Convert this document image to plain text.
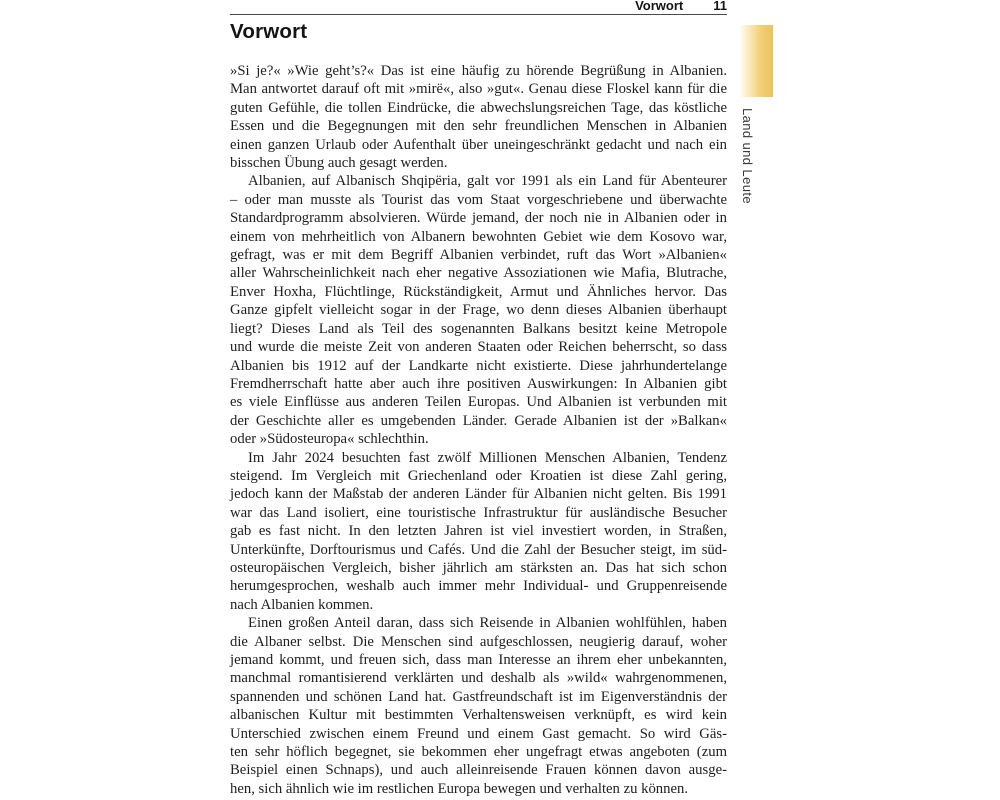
Vorwort 11
Vorwort
»Si je?« »Wie geht’s?« Das ist eine häufig zu hörende Begrüßung in Albanien.
Man antwortet darauf oft mit »mirë«, also »gut«. Genau diese Floskel kann für die
guten Gefühle, die tollen Eindrücke, die abwechslungsreichen Tage, das köstliche
Essen und die Begegnungen mit den sehr freundlichen Menschen in Albanien
einen ganzen Urlaub oder Aufenthalt über uneingeschränkt gedacht und nach ein
bisschen Übung auch gesagt werden.
Albanien, auf Albanisch Shqipëria, galt vor 1991 als ein Land für Abenteurer
– oder man musste als Tourist das vom Staat vorgeschriebene und überwachte
Standardprogramm absolvieren. Würde jemand, der noch nie in Albanien oder in
einem von mehrheitlich von Albanern bewohnten Gebiet wie dem Kosovo war,
gefragt, was er mit dem Begriff Albanien verbindet, ruft das Wort »Albanien«
aller Wahrscheinlichkeit nach eher negative Assoziationen wie Mafia, Blutrache,
Enver Hoxha, Flüchtlinge, Rückständigkeit, Armut und Ähnliches hervor. Das
Ganze gipfelt vielleicht sogar in der Frage, wo denn dieses Albanien überhaupt
liegt? Dieses Land als Teil des sogenannten Balkans besitzt keine Metropole
und wurde die meiste Zeit von anderen Staaten oder Reichen beherrscht, so dass
Albanien bis 1912 auf der Landkarte nicht existierte. Diese jahrhundertelange
Fremdherrschaft hatte aber auch ihre positiven Auswirkungen: In Albanien gibt
es viele Einflüsse aus anderen Teilen Europas. Und Albanien ist verbunden mit
der Geschichte aller es umgebenden Länder. Gerade Albanien ist der »Balkan«
oder »Südosteuropa« schlechthin.
Im Jahr 2024 besuchten fast zwölf Millionen Menschen Albanien, Tendenz
steigend. Im Vergleich mit Griechenland oder Kroatien ist diese Zahl gering,
jedoch kann der Maßstab der anderen Länder für Albanien nicht gelten. Bis 1991
war das Land isoliert, eine touristische Infrastruktur für ausländische Besucher
gab es fast nicht. In den letzten Jahren ist viel investiert worden, in Straßen,
Unterkünfte, Dorftourismus und Cafés. Und die Zahl der Besucher steigt, im süd-
osteuropäischen Vergleich, bisher jährlich am stärksten an. Das hat sich schon
herumgesprochen, weshalb auch immer mehr Individual- und Gruppenreisende
nach Albanien kommen.
Einen großen Anteil daran, dass sich Reisende in Albanien wohlfühlen, haben
die Albaner selbst. Die Menschen sind aufgeschlossen, neugierig darauf, woher
jemand kommt, und freuen sich, dass man Interesse an ihrem eher unbekannten,
manchmal romantisierend verklärten und deshalb als »wild« wahrgenommenen,
spannenden und schönen Land hat. Gastfreundschaft ist im Eigenverständnis der
albanischen Kultur mit bestimmten Verhaltensweisen verknüpft, es wird kein
Unterschied zwischen einem Freund und einem Gast gemacht. So wird Gäs-
ten sehr höflich begegnet, sie bekommen eher ungefragt etwas angeboten (zum
Beispiel einen Schnaps), und auch alleinreisende Frauen können davon ausge-
hen, sich ähnlich wie im restlichen Europa bewegen und verhalten zu können.
Land und Leute
